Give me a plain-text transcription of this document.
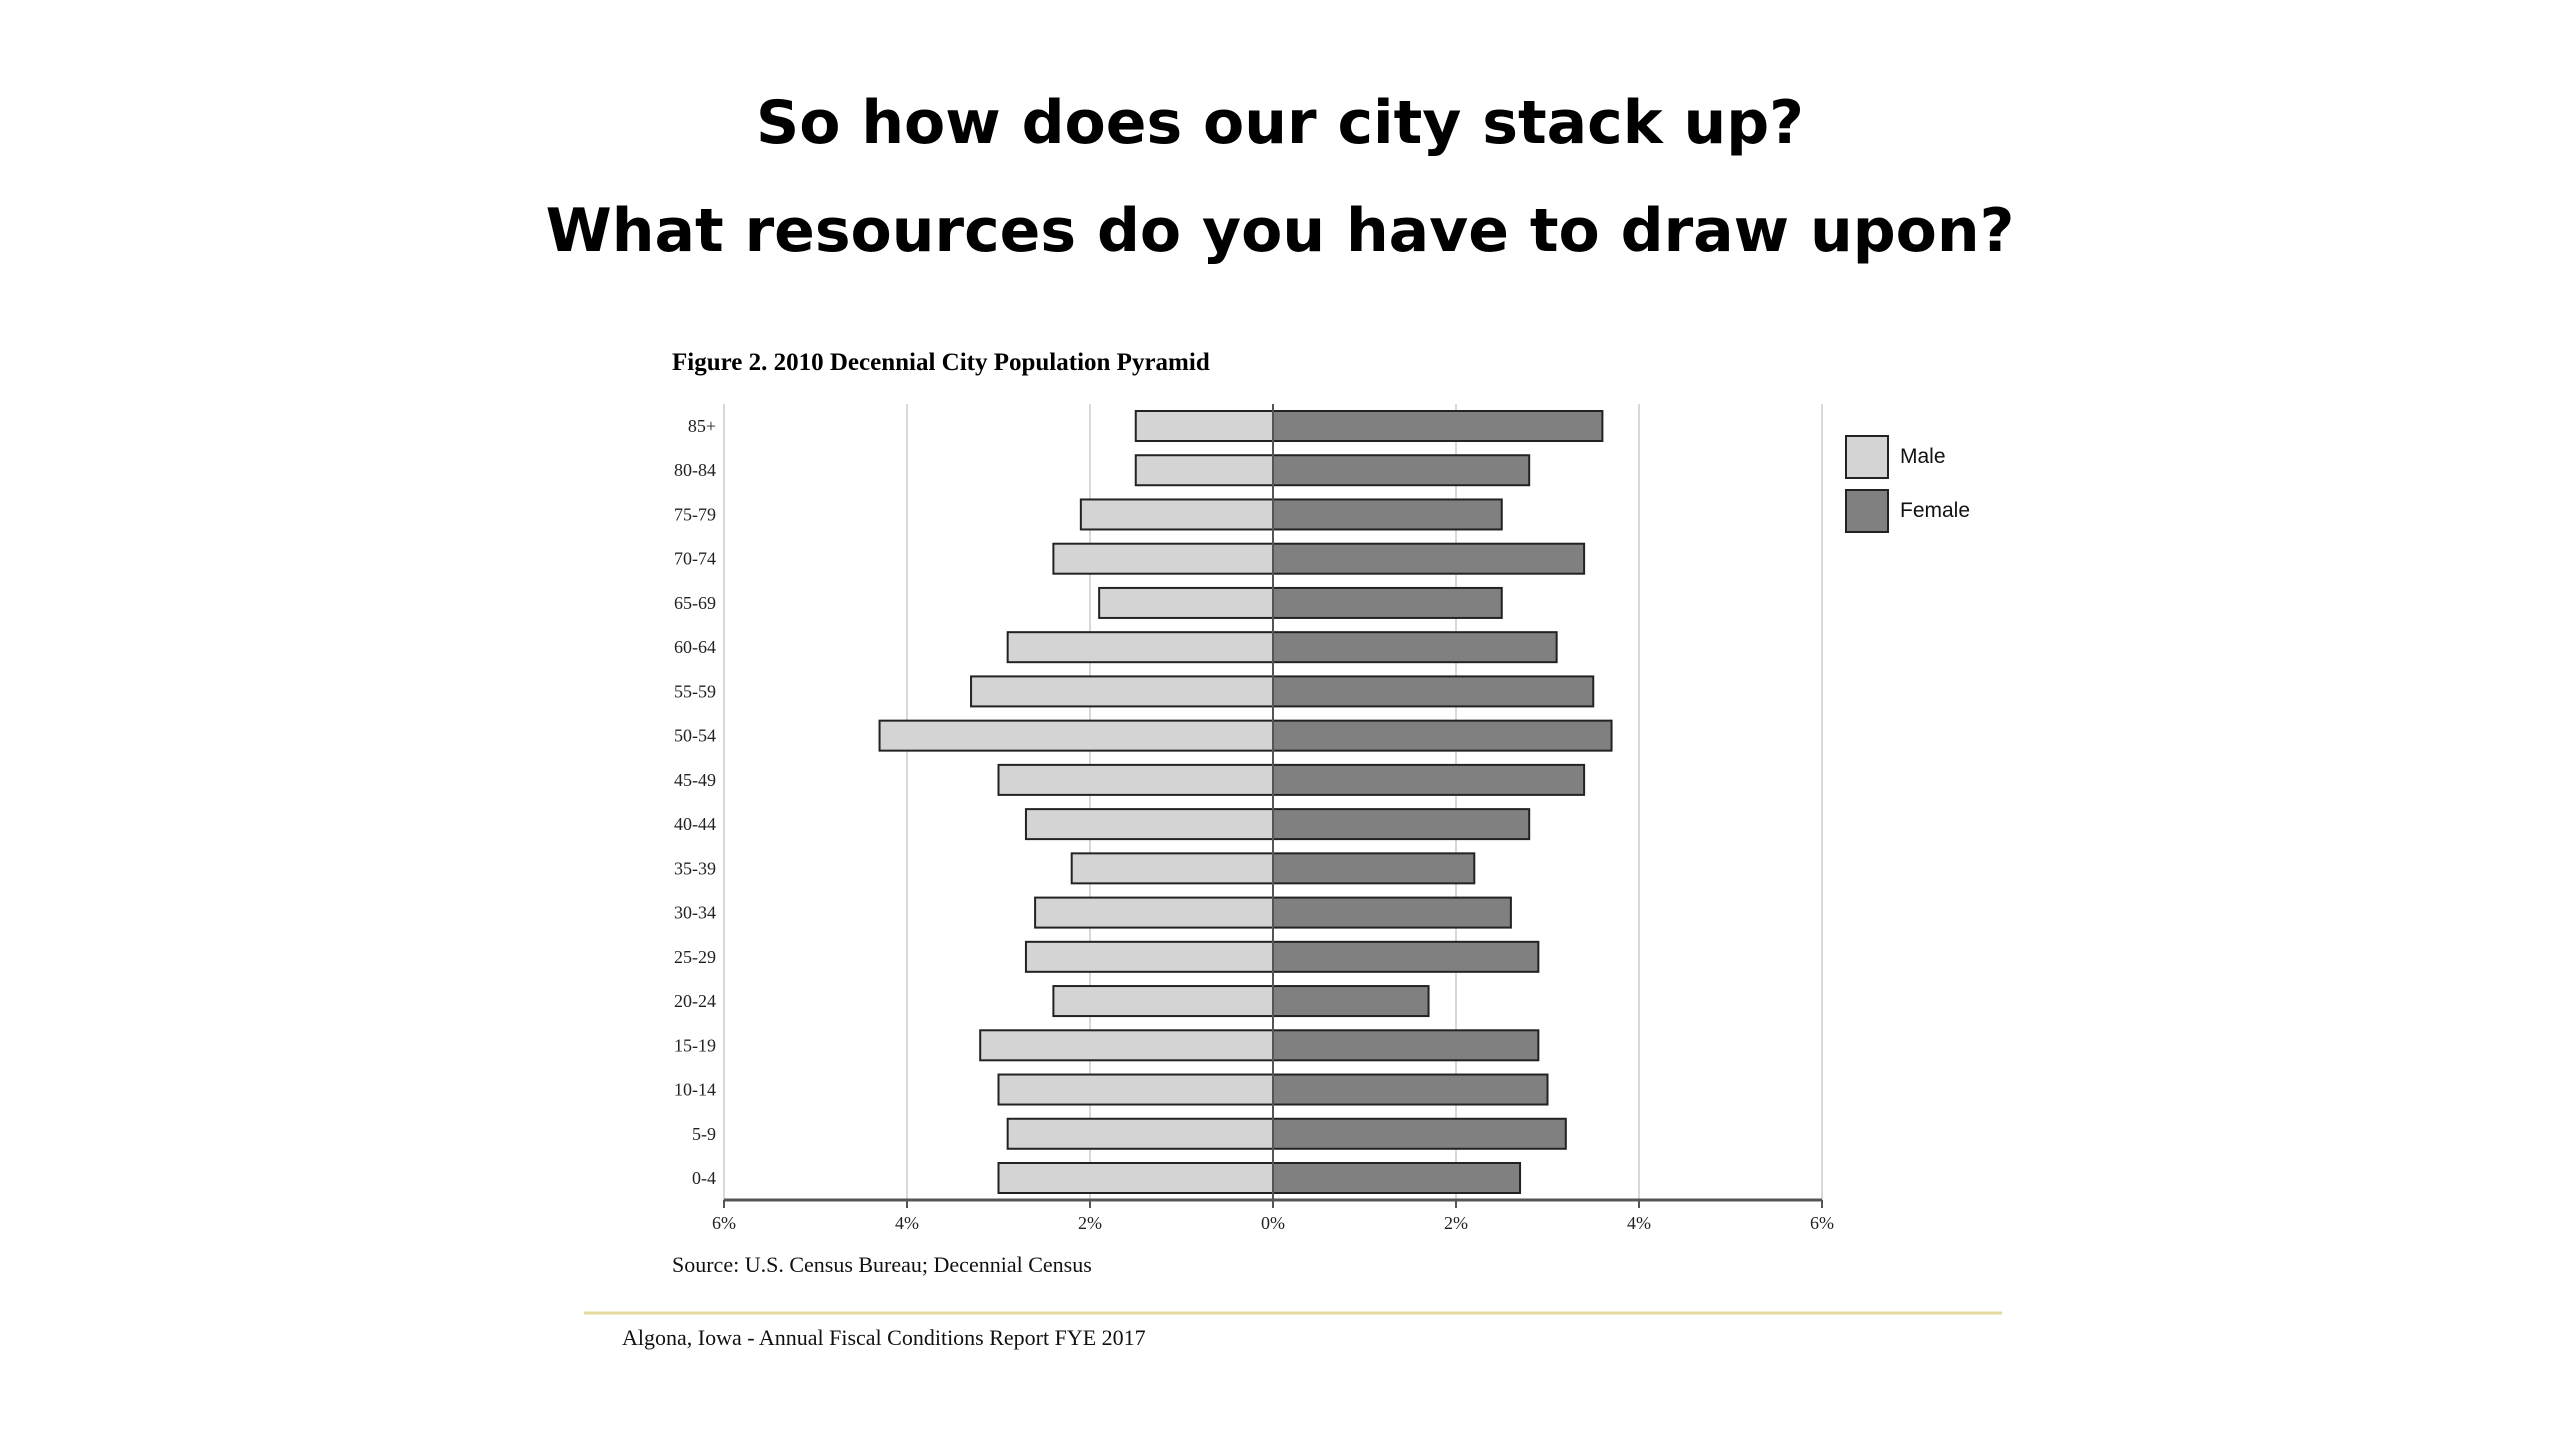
So how does our city stack up?
What resources do you have to draw upon?
Figure 2. 2010 Decennial City Population Pyramid
85+
80-84
75-79
70-74
65-69
60-64
55-59
50-54
45-49
40-44
35-39
30-34
25-29
20-24
15-19
10-14
5-9
0-4
6%	4%	2%	0%	2%	4%	6%
Male
Female
Source: U.S. Census Bureau; Decennial Census
Algona, Iowa - Annual Fiscal Conditions Report FYE 2017
